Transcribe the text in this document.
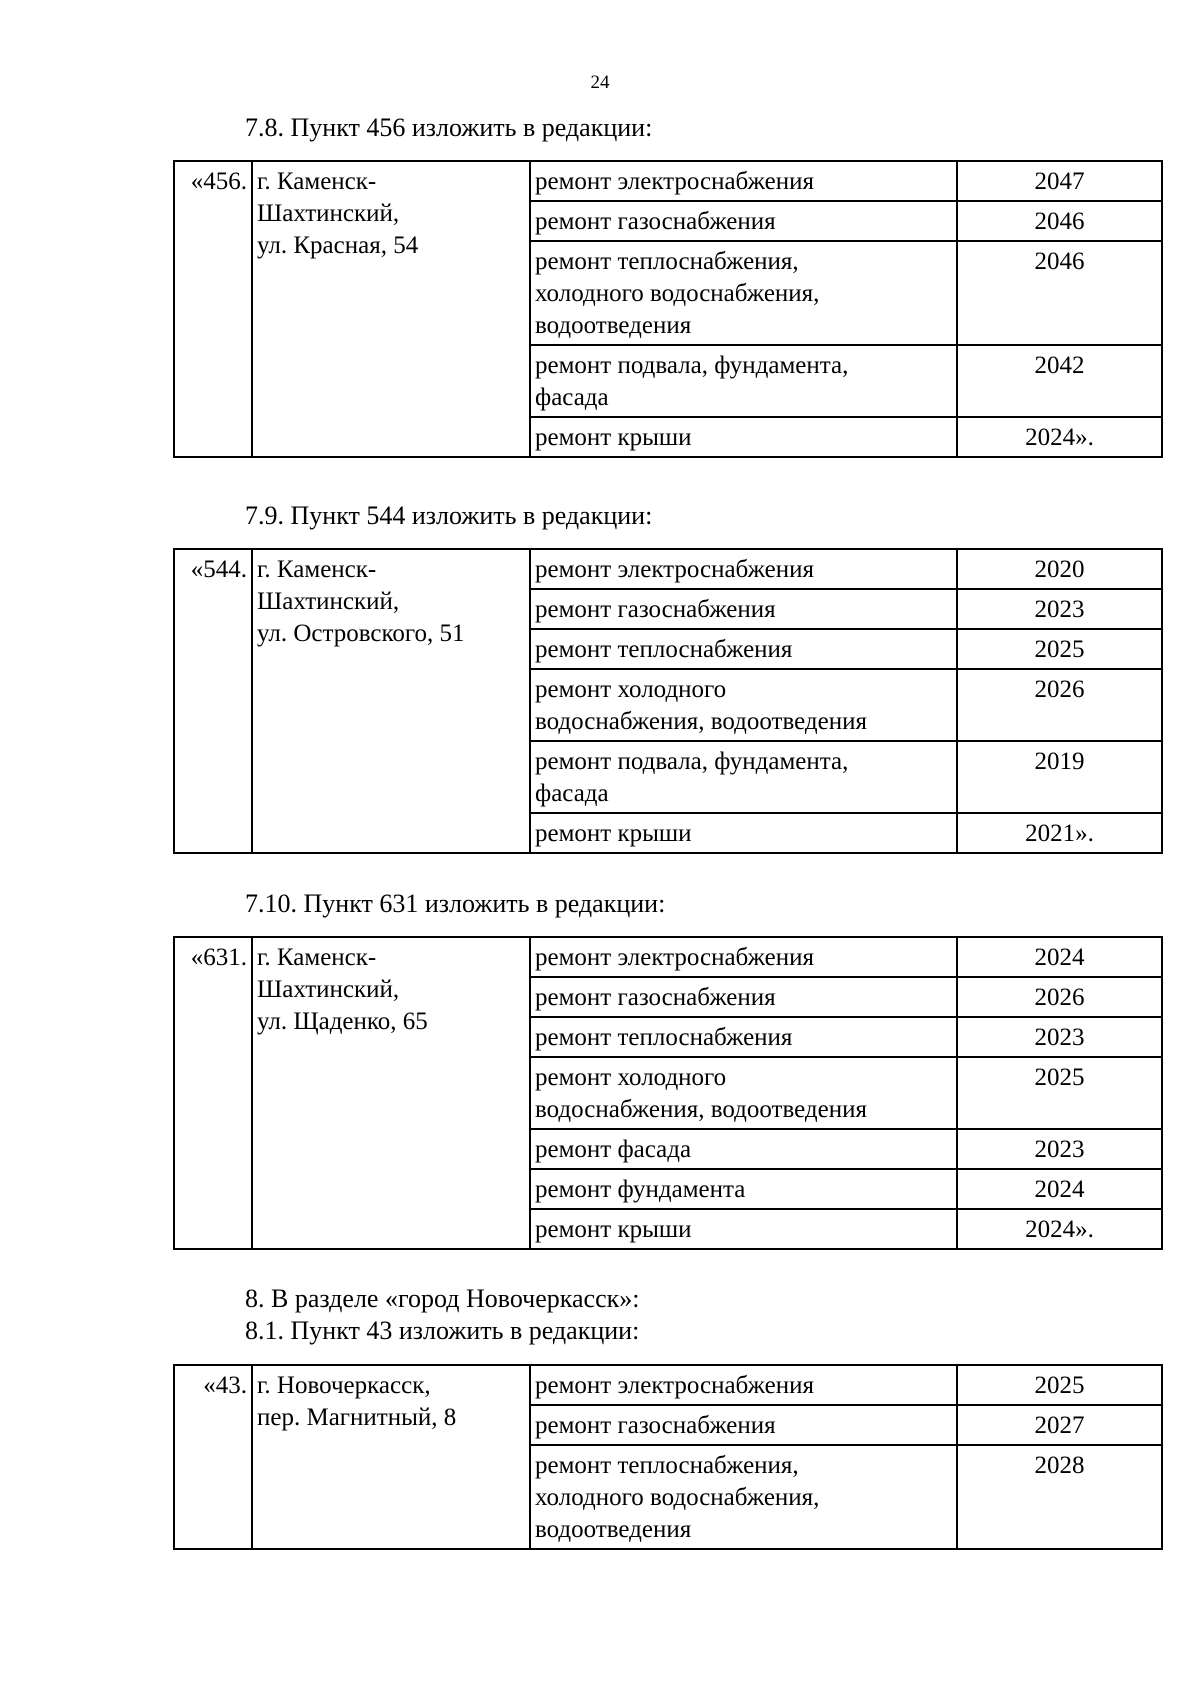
24
7.8. Пункт 456 изложить в редакции:
«456.	г. Каменск-
Шахтинский,
ул. Красная, 54	ремонт электроснабжения	2047

		ремонт газоснабжения	2046

		ремонт теплоснабжения,
холодного водоснабжения,
водоотведения	2046

		ремонт подвала, фундамента,
фасада	2042

		ремонт крыши	2024».
7.9. Пункт 544 изложить в редакции:
«544.	г. Каменск-
Шахтинский,
ул. Островского, 51	ремонт электроснабжения	2020

		ремонт газоснабжения	2023

		ремонт теплоснабжения	2025

		ремонт холодного
водоснабжения, водоотведения	2026

		ремонт подвала, фундамента,
фасада	2019

		ремонт крыши	2021».
7.10. Пункт 631 изложить в редакции:
«631.	г. Каменск-
Шахтинский,
ул. Щаденко, 65	ремонт электроснабжения	2024

		ремонт газоснабжения	2026

		ремонт теплоснабжения	2023

		ремонт холодного
водоснабжения, водоотведения	2025

		ремонт фасада	2023

		ремонт фундамента	2024

		ремонт крыши	2024».
8. В разделе «город Новочеркасск»:
8.1. Пункт 43 изложить в редакции:
«43.	г. Новочеркасск,
пер. Магнитный, 8	ремонт электроснабжения	2025

		ремонт газоснабжения	2027

		ремонт теплоснабжения,
холодного водоснабжения,
водоотведения	2028
